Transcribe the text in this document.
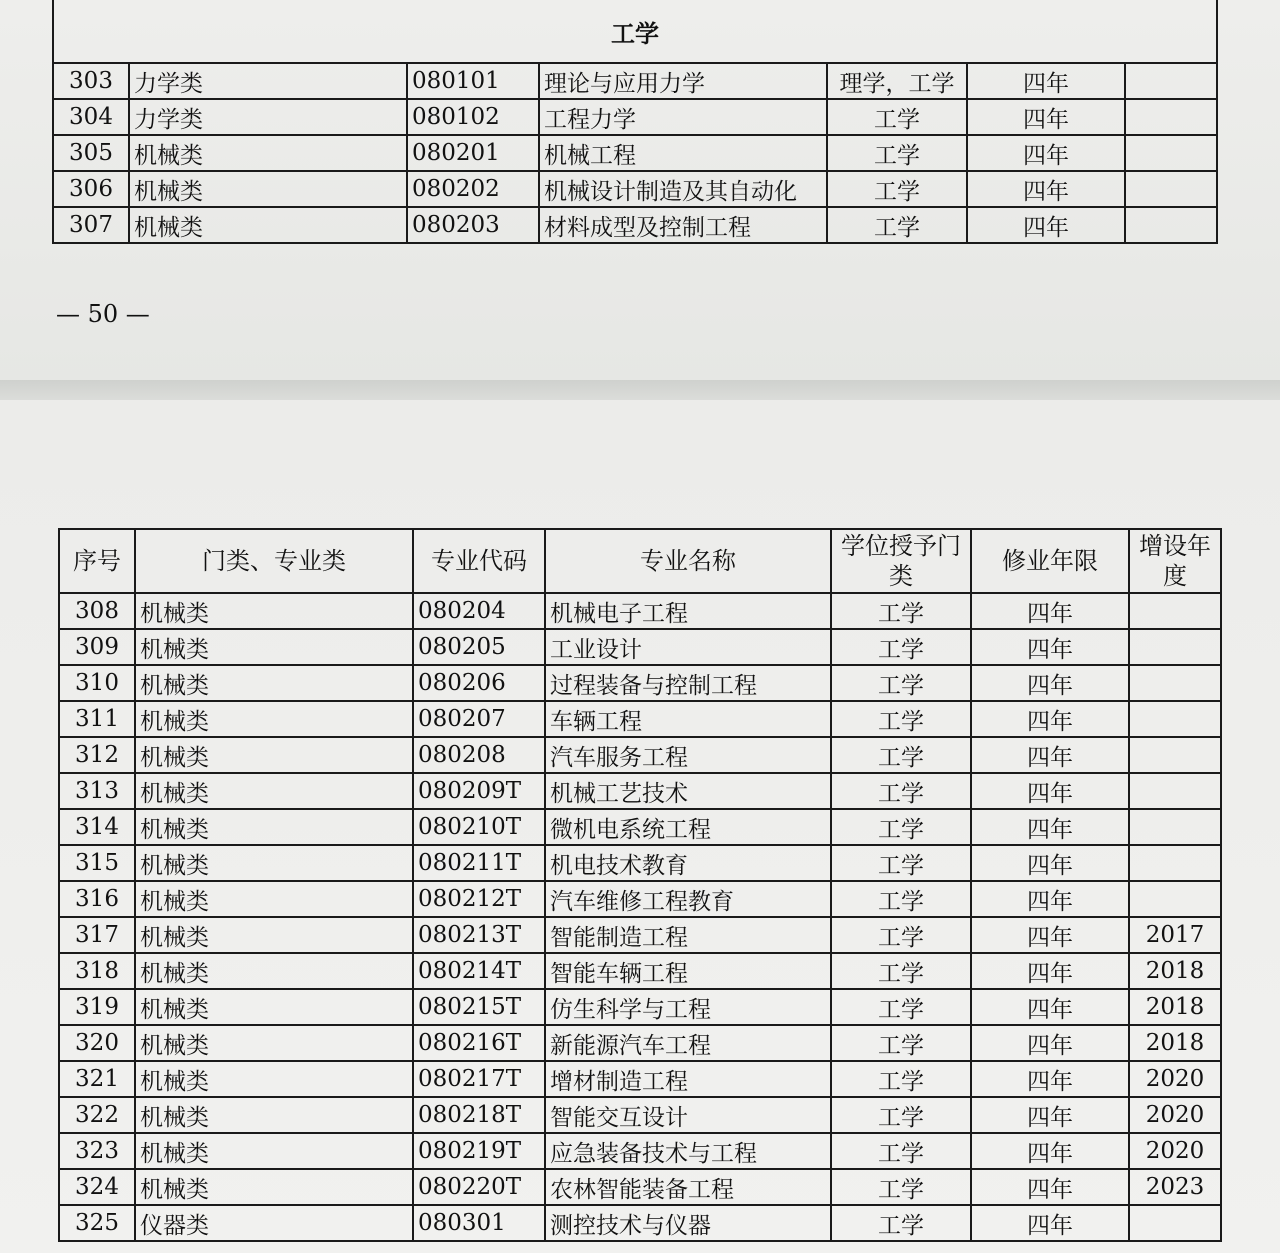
工学						
303	力学类	080101	理论与应用力学	理学，工学	四年	
304	力学类	080102	工程力学	工学	四年	
305	机械类	080201	机械工程	工学	四年	
306	机械类	080202	机械设计制造及其自动化	工学	四年	
307	机械类	080203	材料成型及控制工程	工学	四年	
— 50 —
序号	门类、专业类	专业代码	专业名称	学位授予门类	修业年限	增设年度
308	机械类	080204	机械电子工程	工学	四年	
309	机械类	080205	工业设计	工学	四年	
310	机械类	080206	过程装备与控制工程	工学	四年	
311	机械类	080207	车辆工程	工学	四年	
312	机械类	080208	汽车服务工程	工学	四年	
313	机械类	080209T	机械工艺技术	工学	四年	
314	机械类	080210T	微机电系统工程	工学	四年	
315	机械类	080211T	机电技术教育	工学	四年	
316	机械类	080212T	汽车维修工程教育	工学	四年	
317	机械类	080213T	智能制造工程	工学	四年	2017
318	机械类	080214T	智能车辆工程	工学	四年	2018
319	机械类	080215T	仿生科学与工程	工学	四年	2018
320	机械类	080216T	新能源汽车工程	工学	四年	2018
321	机械类	080217T	增材制造工程	工学	四年	2020
322	机械类	080218T	智能交互设计	工学	四年	2020
323	机械类	080219T	应急装备技术与工程	工学	四年	2020
324	机械类	080220T	农林智能装备工程	工学	四年	2023
325	仪器类	080301	测控技术与仪器	工学	四年	
